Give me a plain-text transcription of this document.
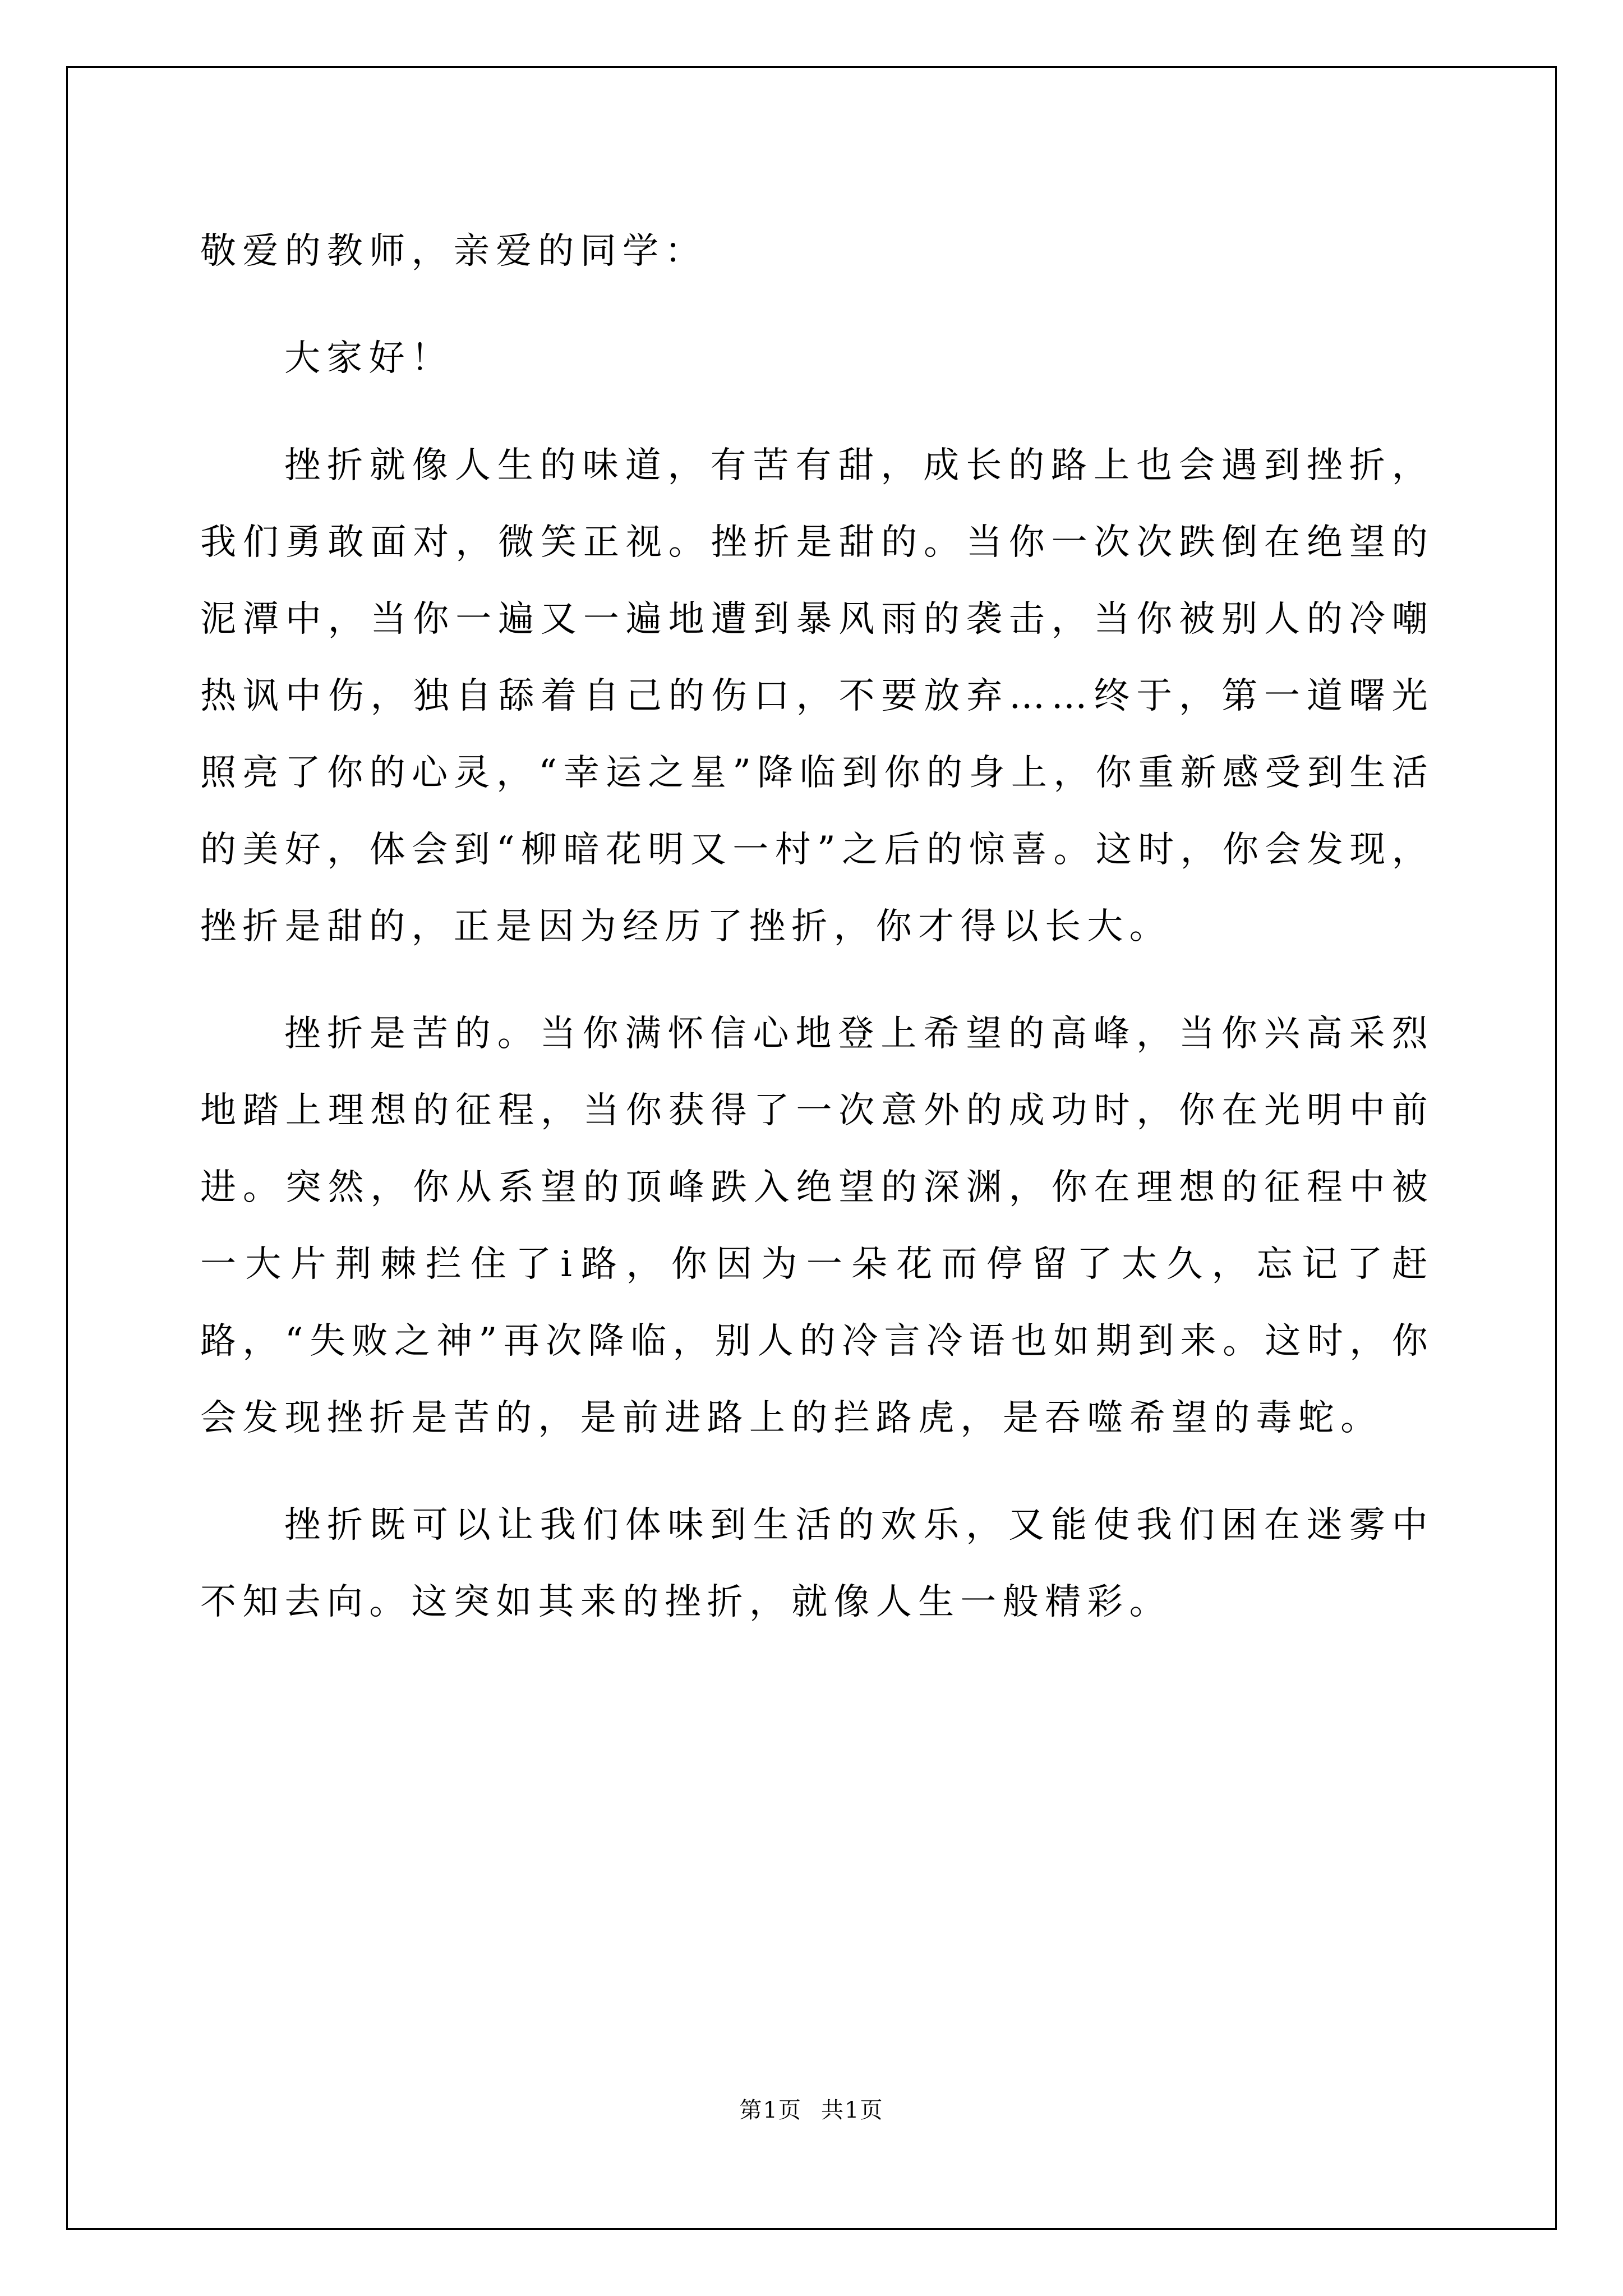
敬爱的教师，亲爱的同学：

大家好！

挫折就像人生的味道，有苦有甜，成长的路上也会遇到挫折，我们勇敢面对，微笑正视。挫折是甜的。当你一次次跌倒在绝望的泥潭中，当你一遍又一遍地遭到暴风雨的袭击，当你被别人的冷嘲热讽中伤，独自舔着自己的伤口，不要放弃……终于，第一道曙光照亮了你的心灵，“幸运之星”降临到你的身上，你重新感受到生活的美好，体会到“柳暗花明又一村”之后的惊喜。这时，你会发现，挫折是甜的，正是因为经历了挫折，你才得以长大。

挫折是苦的。当你满怀信心地登上希望的高峰，当你兴高采烈地踏上理想的征程，当你获得了一次意外的成功时，你在光明中前进。突然，你从系望的顶峰跌入绝望的深渊，你在理想的征程中被一大片荆棘拦住了i路，你因为一朵花而停留了太久，忘记了赶路，“失败之神”再次降临，别人的冷言冷语也如期到来。这时，你会发现挫折是苦的，是前进路上的拦路虎，是吞噬希望的毒蛇。

挫折既可以让我们体味到生活的欢乐，又能使我们困在迷雾中不知去向。这突如其来的挫折，就像人生一般精彩。

第1页 共1页
